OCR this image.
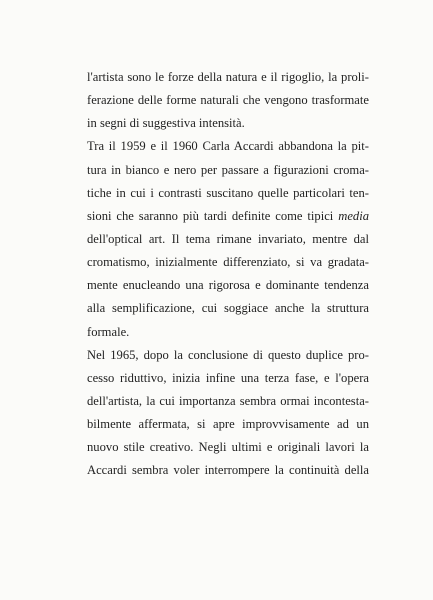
l'artista sono le forze della natura e il rigoglio, la proli-
ferazione delle forme naturali che vengono trasformate
in segni di suggestiva intensità.
Tra il 1959 e il 1960 Carla Accardi abbandona la pit-
tura in bianco e nero per passare a figurazioni croma-
tiche in cui i contrasti suscitano quelle particolari ten-
sioni che saranno più tardi definite come tipici media
dell'optical art. Il tema rimane invariato, mentre dal
cromatismo, inizialmente differenziato, si va gradata-
mente enucleando una rigorosa e dominante tendenza
alla semplificazione, cui soggiace anche la struttura
formale.
Nel 1965, dopo la conclusione di questo duplice pro-
cesso riduttivo, inizia infine una terza fase, e l'opera
dell'artista, la cui importanza sembra ormai incontesta-
bilmente affermata, si apre improvvisamente ad un
nuovo stile creativo. Negli ultimi e originali lavori la
Accardi sembra voler interrompere la continuità della
